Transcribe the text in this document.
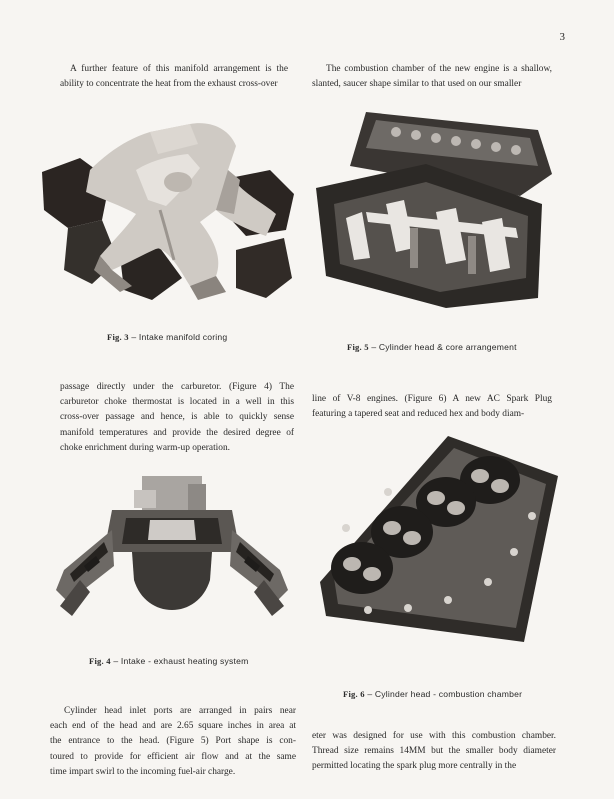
3
A further feature of this manifold arrangement is the
ability to concentrate the heat from the exhaust cross-over
The combustion chamber of the new engine is a shallow,
slanted, saucer shape similar to that used on our smaller
Fig. 3 – Intake manifold coring
Fig. 5 – Cylinder head & core arrangement
passage directly under the carburetor. (Figure 4) The
carburetor choke thermostat is located in a well in this
cross-over passage and hence, is able to quickly sense
manifold temperatures and provide the desired degree of
choke enrichment during warm-up operation.
line of V-8 engines. (Figure 6) A new AC Spark Plug
featuring a tapered seat and reduced hex and body diam-
Fig. 4 – Intake - exhaust heating system
Fig. 6 – Cylinder head - combustion chamber
Cylinder head inlet ports are arranged in pairs near
each end of the head and are 2.65 square inches in area at
the entrance to the head. (Figure 5) Port shape is con-
toured to provide for efficient air flow and at the same
time impart swirl to the incoming fuel-air charge.
eter was designed for use with this combustion chamber.
Thread size remains 14MM but the smaller body diameter
permitted locating the spark plug more centrally in the
